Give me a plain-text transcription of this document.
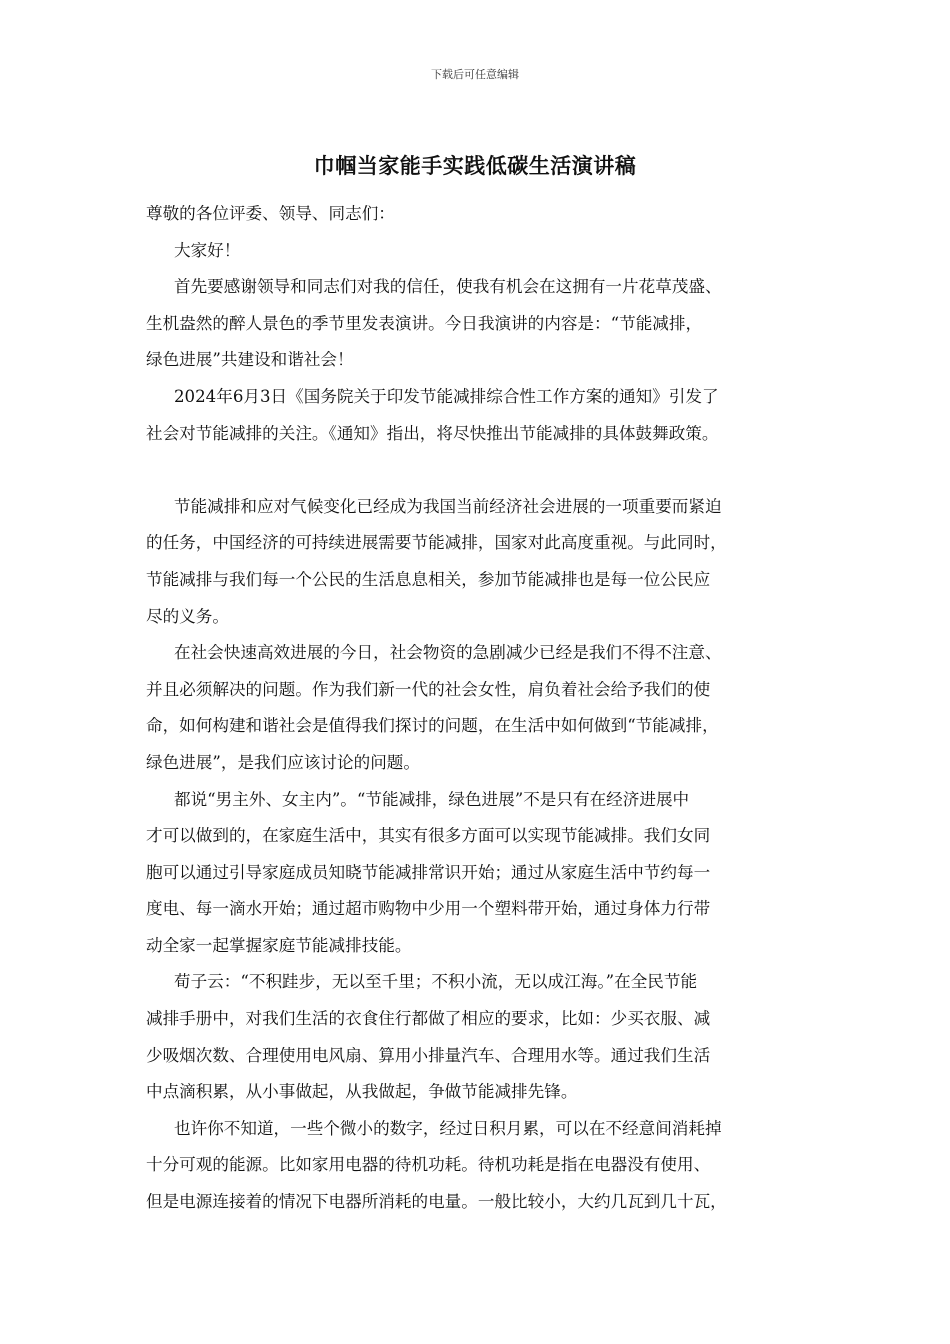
下载后可任意编辑
巾帼当家能手实践低碳生活演讲稿
尊敬的各位评委、领导、同志们：
大家好！
首先要感谢领导和同志们对我的信任，使我有机会在这拥有一片花草茂盛、
生机盎然的醉人景色的季节里发表演讲。今日我演讲的内容是：“节能减排，
绿色进展”共建设和谐社会！
2024年6月3日《国务院关于印发节能减排综合性工作方案的通知》引发了
社会对节能减排的关注。《通知》指出，将尽快推出节能减排的具体鼓舞政策。
节能减排和应对气候变化已经成为我国当前经济社会进展的一项重要而紧迫
的任务，中国经济的可持续进展需要节能减排，国家对此高度重视。与此同时，
节能减排与我们每一个公民的生活息息相关，参加节能减排也是每一位公民应
尽的义务。
在社会快速高效进展的今日，社会物资的急剧减少已经是我们不得不注意、
并且必须解决的问题。作为我们新一代的社会女性，肩负着社会给予我们的使
命，如何构建和谐社会是值得我们探讨的问题，在生活中如何做到“节能减排，
绿色进展”，是我们应该讨论的问题。
都说“男主外、女主内”。“节能减排，绿色进展”不是只有在经济进展中
才可以做到的，在家庭生活中，其实有很多方面可以实现节能减排。我们女同
胞可以通过引导家庭成员知晓节能减排常识开始；通过从家庭生活中节约每一
度电、每一滴水开始；通过超市购物中少用一个塑料带开始，通过身体力行带
动全家一起掌握家庭节能减排技能。
荀子云：“不积跬步，无以至千里；不积小流，无以成江海。”在全民节能
减排手册中，对我们生活的衣食住行都做了相应的要求，比如：少买衣服、减
少吸烟次数、合理使用电风扇、算用小排量汽车、合理用水等。通过我们生活
中点滴积累，从小事做起，从我做起，争做节能减排先锋。
也许你不知道，一些个微小的数字，经过日积月累，可以在不经意间消耗掉
十分可观的能源。比如家用电器的待机功耗。待机功耗是指在电器没有使用、
但是电源连接着的情况下电器所消耗的电量。一般比较小，大约几瓦到几十瓦，
